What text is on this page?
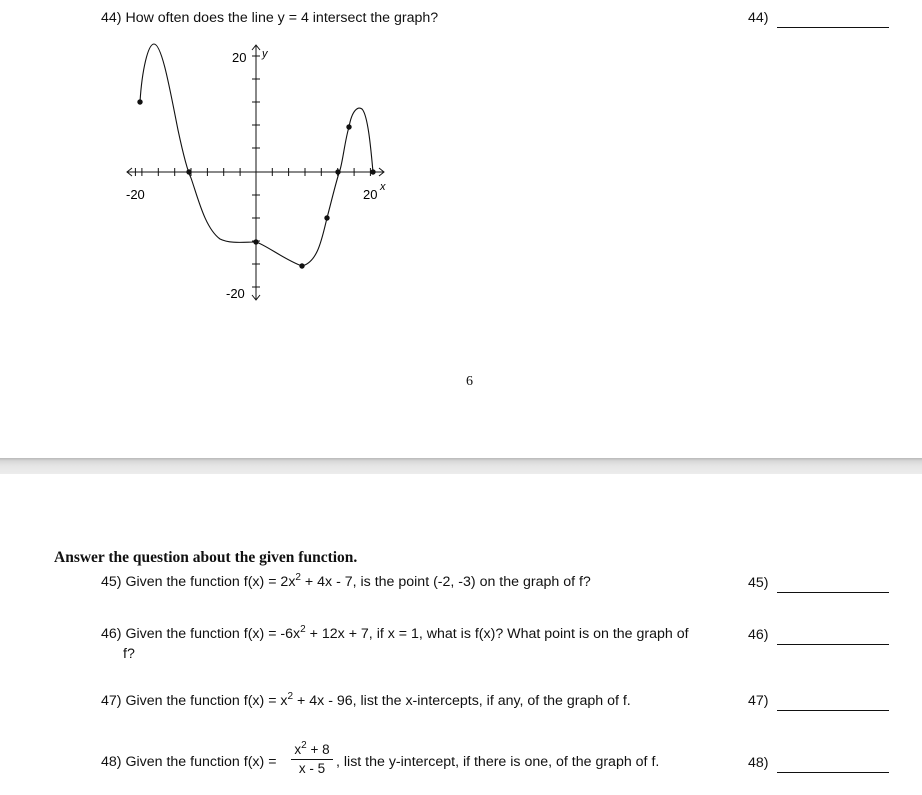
44) How often does the line y = 4 intersect the graph?	44)
20 y
-20	20 x
-20
6
Answer the question about the given function.
45) Given the function $f(x) = 2x^2 + 4x - 7$, is the point (-2, -3) on the graph of f?	45)
46) Given the function $f(x) = -6x^2 + 12x + 7$, if x = 1, what is f(x)? What point is on the graph of
f?
46)
47) Given the function $f(x) = x^2 + 4x - 96$, list the x-intercepts, if any, of the graph of f.	47)
48) Given the function f(x) =
$x^2 + 8$
x - 5 , list the y-intercept, if there is one, of the graph of f.	48)
